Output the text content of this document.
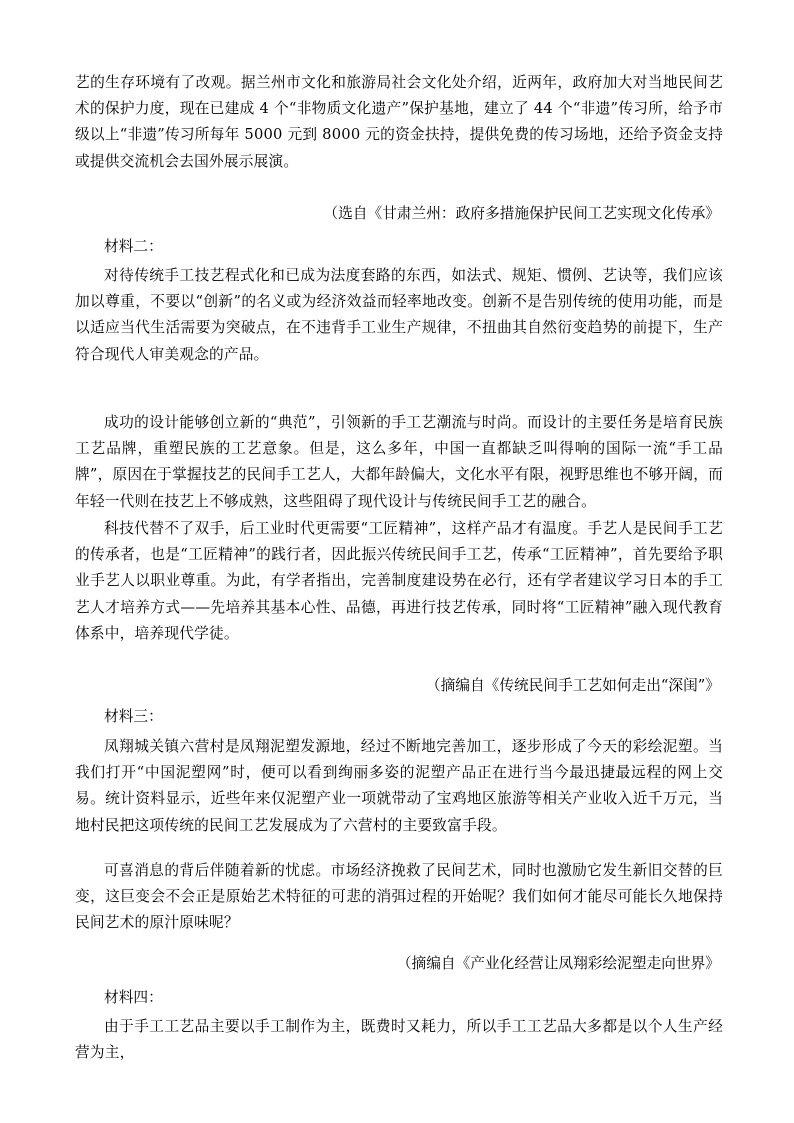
艺的生存环境有了改观。据兰州市文化和旅游局社会文化处介绍，近两年，政府加大对当地民间艺术的保护力度，现在已建成 4 个“非物质文化遗产”保护基地，建立了 44 个“非遗”传习所，给予市级以上“非遗”传习所每年 5000 元到 8000 元的资金扶持，提供免费的传习场地，还给予资金支持或提供交流机会去国外展示展演。

（选自《甘肃兰州：政府多措施保护民间工艺实现文化传承》

材料二：

对待传统手工技艺程式化和已成为法度套路的东西，如法式、规矩、惯例、艺诀等，我们应该加以尊重，不要以“创新”的名义或为经济效益而轻率地改变。创新不是告别传统的使用功能，而是以适应当代生活需要为突破点，在不违背手工业生产规律，不扭曲其自然衍变趋势的前提下，生产符合现代人审美观念的产品。

成功的设计能够创立新的“典范”，引领新的手工艺潮流与时尚。而设计的主要任务是培育民族工艺品牌，重塑民族的工艺意象。但是，这么多年，中国一直都缺乏叫得响的国际一流“手工品牌”，原因在于掌握技艺的民间手工艺人，大都年龄偏大，文化水平有限，视野思维也不够开阔，而年轻一代则在技艺上不够成熟，这些阻碍了现代设计与传统民间手工艺的融合。

科技代替不了双手，后工业时代更需要“工匠精神”，这样产品才有温度。手艺人是民间手工艺的传承者，也是“工匠精神”的践行者，因此振兴传统民间手工艺，传承“工匠精神”，首先要给予职业手艺人以职业尊重。为此，有学者指出，完善制度建设势在必行，还有学者建议学习日本的手工艺人才培养方式——先培养其基本心性、品德，再进行技艺传承，同时将“工匠精神”融入现代教育体系中，培养现代学徒。

（摘编自《传统民间手工艺如何走出“深闺”》

材料三：

凤翔城关镇六营村是凤翔泥塑发源地，经过不断地完善加工，逐步形成了今天的彩绘泥塑。当我们打开“中国泥塑网”时，便可以看到绚丽多姿的泥塑产品正在进行当今最迅捷最远程的网上交易。统计资料显示，近些年来仅泥塑产业一项就带动了宝鸡地区旅游等相关产业收入近千万元，当地村民把这项传统的民间工艺发展成为了六营村的主要致富手段。

可喜消息的背后伴随着新的忧虑。市场经济挽救了民间艺术，同时也激励它发生新旧交替的巨变，这巨变会不会正是原始艺术特征的可悲的消弭过程的开始呢？我们如何才能尽可能长久地保持民间艺术的原汁原味呢？

（摘编自《产业化经营让凤翔彩绘泥塑走向世界》

材料四：

由于手工工艺品主要以手工制作为主，既费时又耗力，所以手工工艺品大多都是以个人生产经营为主，
